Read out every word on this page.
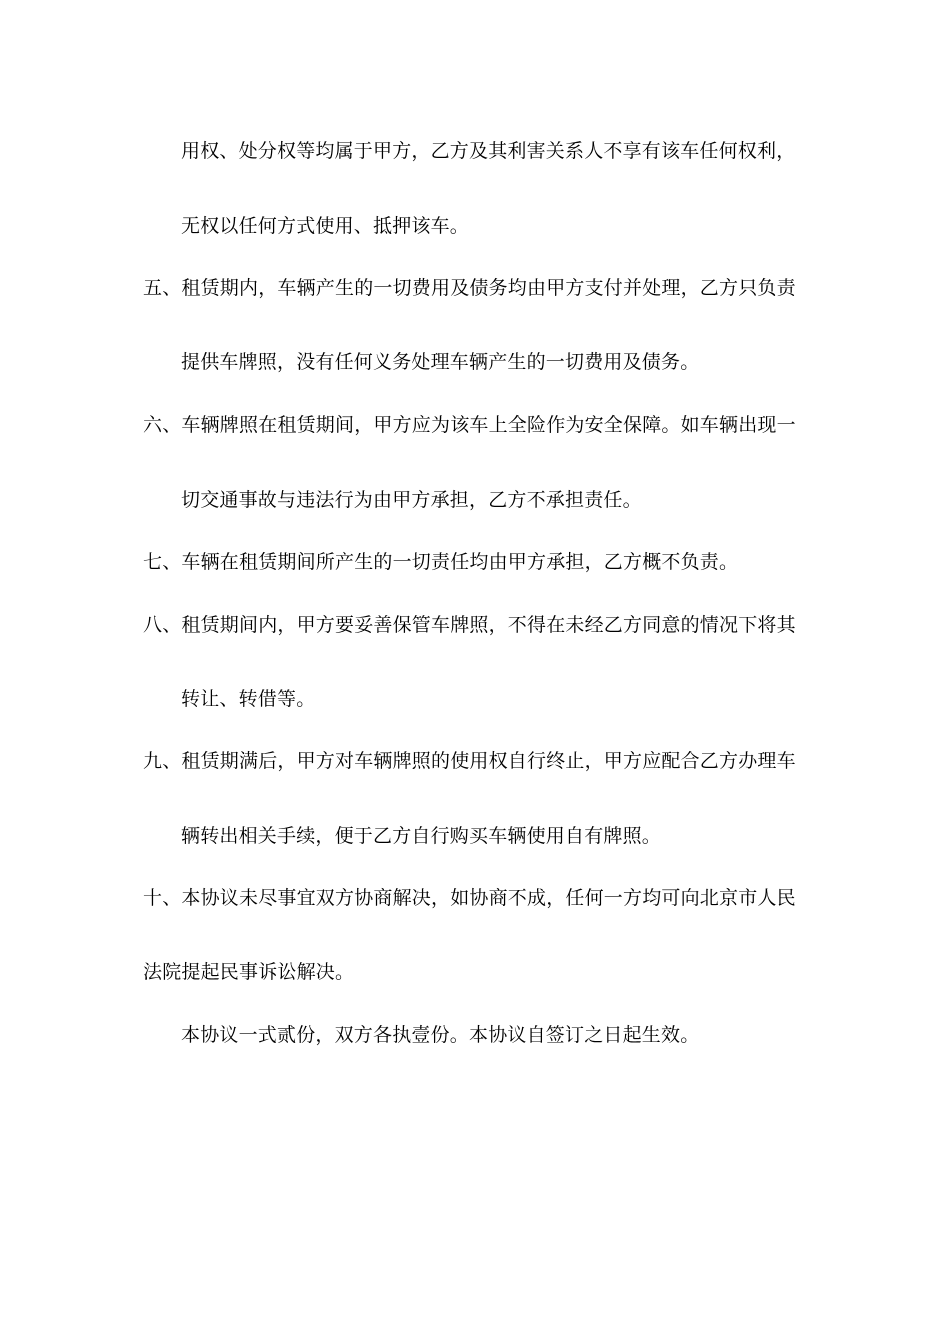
用权、处分权等均属于甲方，乙方及其利害关系人不享有该车任何权利，
无权以任何方式使用、抵押该车。
五、租赁期内，车辆产生的一切费用及债务均由甲方支付并处理，乙方只负责
提供车牌照，没有任何义务处理车辆产生的一切费用及债务。
六、车辆牌照在租赁期间，甲方应为该车上全险作为安全保障。如车辆出现一
切交通事故与违法行为由甲方承担，乙方不承担责任。
七、车辆在租赁期间所产生的一切责任均由甲方承担，乙方概不负责。
八、租赁期间内，甲方要妥善保管车牌照，不得在未经乙方同意的情况下将其
转让、转借等。
九、租赁期满后，甲方对车辆牌照的使用权自行终止，甲方应配合乙方办理车
辆转出相关手续，便于乙方自行购买车辆使用自有牌照。
十、本协议未尽事宜双方协商解决，如协商不成，任何一方均可向北京市人民
法院提起民事诉讼解决。
本协议一式贰份，双方各执壹份。本协议自签订之日起生效。
